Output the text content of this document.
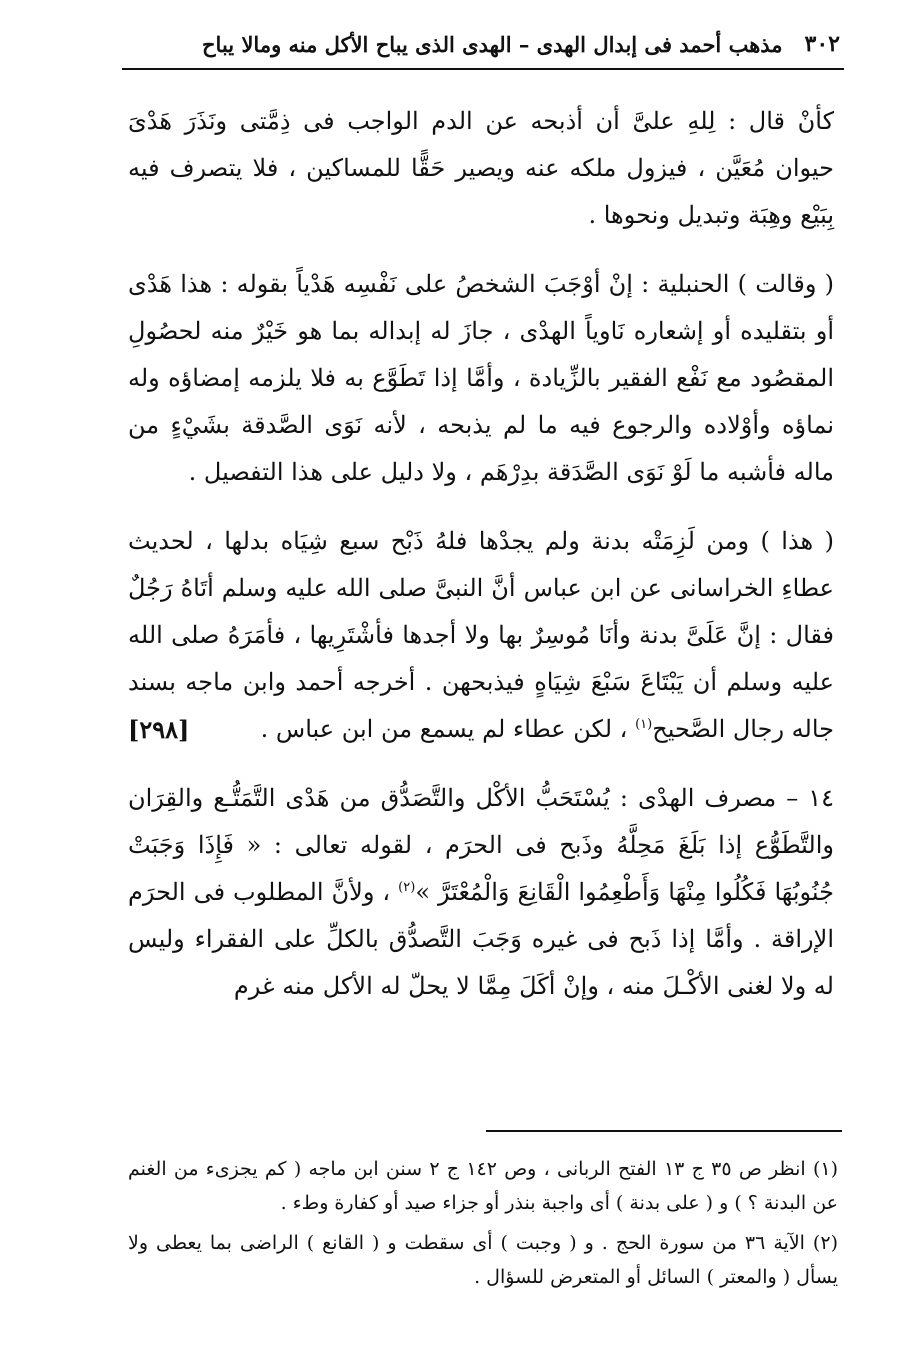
٣٠٢
مذهب أحمد فى إبدال الهدى – الهدى الذى يباح الأكل منه ومالا يباح

كأنْ قال : لِلهِ علىَّ أن أذبحه عن الدم الواجب فى ذِمَّتى ونَذَرَ هَدْىَ حيوان مُعَيَّن ، فيزول ملكه عنه ويصير حَقًّا للمساكين ، فلا يتصرف فيه بِبَيْع وهِبَة وتبديل ونحوها .

( وقالت ) الحنبلية : إنْ أوْجَبَ الشخصُ على نَفْسِه هَدْياً بقوله : هذا هَدْى أو بتقليده أو إشعاره نَاوياً الهدْى ، جازَ له إبداله بما هو خَيْرٌ منه لحصُولِ المقصُود مع نَفْع الفقير بالزِّيادة ، وأمَّا إذا تَطَوَّع به فلا يلزمه إمضاؤه وله نماؤه وأوْلاده والرجوع فيه ما لم يذبحه ، لأنه نَوَى الصَّدقة بشَيْءٍ من ماله فأشبه ما لَوْ نَوَى الصَّدَقة بدِرْهَم ، ولا دليل على هذا التفصيل .

( هذا ) ومن لَزِمَتْه بدنة ولم يجدْها فلهُ ذَبْح سبع شِيَاه بدلها ، لحديث عطاءِ الخراسانى عن ابن عباس أنَّ النبىَّ صلى الله عليه وسلم أتَاهُ رَجُلٌ فقال : إنَّ عَلَىَّ بدنة وأنَا مُوسِرٌ بها ولا أجدها فأشْتَرِيها ، فأمَرَهُ صلى الله عليه وسلم أن يَبْتَاعَ سَبْعَ شِيَاهٍ فيذبحهن . أخرجه أحمد وابن ماجه بسند جاله رجال الصَّحيح$^{(١)}$ ، لكن عطاء لم يسمع من ابن عباس .
[٢٩٨]

١٤ – مصرف الهدْى : يُسْتَحَبُّ الأكْل والتَّصَدُّق من هَدْى التَّمَتُّـع والقِرَان والتَّطَوُّع إذا بَلَغَ مَحِلَّهُ وذَبح فى الحرَم ، لقوله تعالى : « فَإِذَا وَجَبَتْ جُنُوبُهَا فَكُلُوا مِنْهَا وَأَطْعِمُوا الْقَانِعَ وَالْمُعْتَرَّ »$^{(٢)}$ ، ولأنَّ المطلوب فى الحرَم الإراقة . وأمَّا إذا ذَبح فى غيره وَجَبَ التَّصدُّق بالكلِّ على الفقراء وليس له ولا لغنى الأكْـلَ منه ، وإنْ أكَلَ مِمَّا لا يحلّ له الأكل منه غرم

(١) انظر ص ٣٥ ج ١٣ الفتح الربانى ، وص ١٤٢ ج ٢ سنن ابن ماجه ( كم يجزىء من الغنم عن البدنة ؟ ) و ( على بدنة ) أى واجبة بنذر أو جزاء صيد أو كفارة وطء .

(٢) الآية ٣٦ من سورة الحج . و ( وجبت ) أى سقطت و ( القانع ) الراضى بما يعطى ولا يسأل ( والمعتر ) السائل أو المتعرض للسؤال .
